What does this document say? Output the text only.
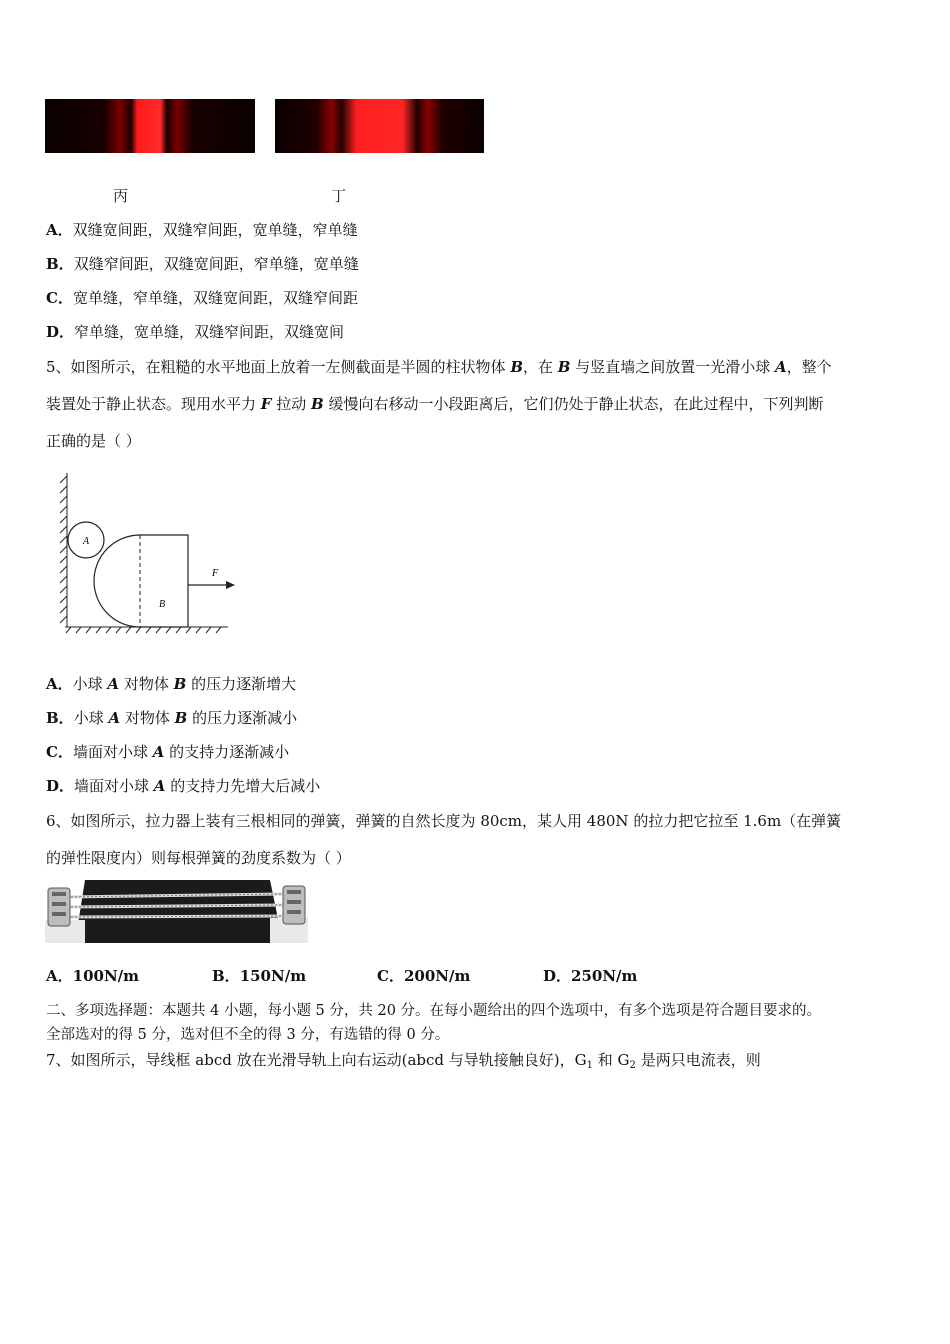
丙	丁
A．双缝宽间距，双缝窄间距，宽单缝，窄单缝
B．双缝窄间距，双缝宽间距，窄单缝，宽单缝
C．宽单缝，窄单缝，双缝宽间距，双缝窄间距
D．窄单缝，宽单缝，双缝窄间距，双缝宽间
5、如图所示，在粗糙的水平地面上放着一左侧截面是半圆的柱状物体 B，在 B 与竖直墙之间放置一光滑小球 A，整个
装置处于静止状态。现用水平力 F 拉动 B 缓慢向右移动一小段距离后，它们仍处于静止状态，在此过程中，下列判断
正确的是（ ）
A
B
F
A．小球 A 对物体 B 的压力逐渐增大
B．小球 A 对物体 B 的压力逐渐减小
C．墙面对小球 A 的支持力逐渐减小
D．墙面对小球 A 的支持力先增大后减小
6、如图所示，拉力器上装有三根相同的弹簧，弹簧的自然长度为 80cm，某人用 480N 的拉力把它拉至 1.6m（在弹簧
的弹性限度内）则每根弹簧的劲度系数为（ ）
A．100N/m	B．150N/m	C．200N/m	D．250N/m
二、多项选择题：本题共 4 小题，每小题 5 分，共 20 分。在每小题给出的四个选项中，有多个选项是符合题目要求的。
全部选对的得 5 分，选对但不全的得 3 分，有选错的得 0 分。
7、如图所示，导线框 abcd 放在光滑导轨上向右运动(abcd 与导轨接触良好)，$G_1$ 和 $G_2$ 是两只电流表，则
